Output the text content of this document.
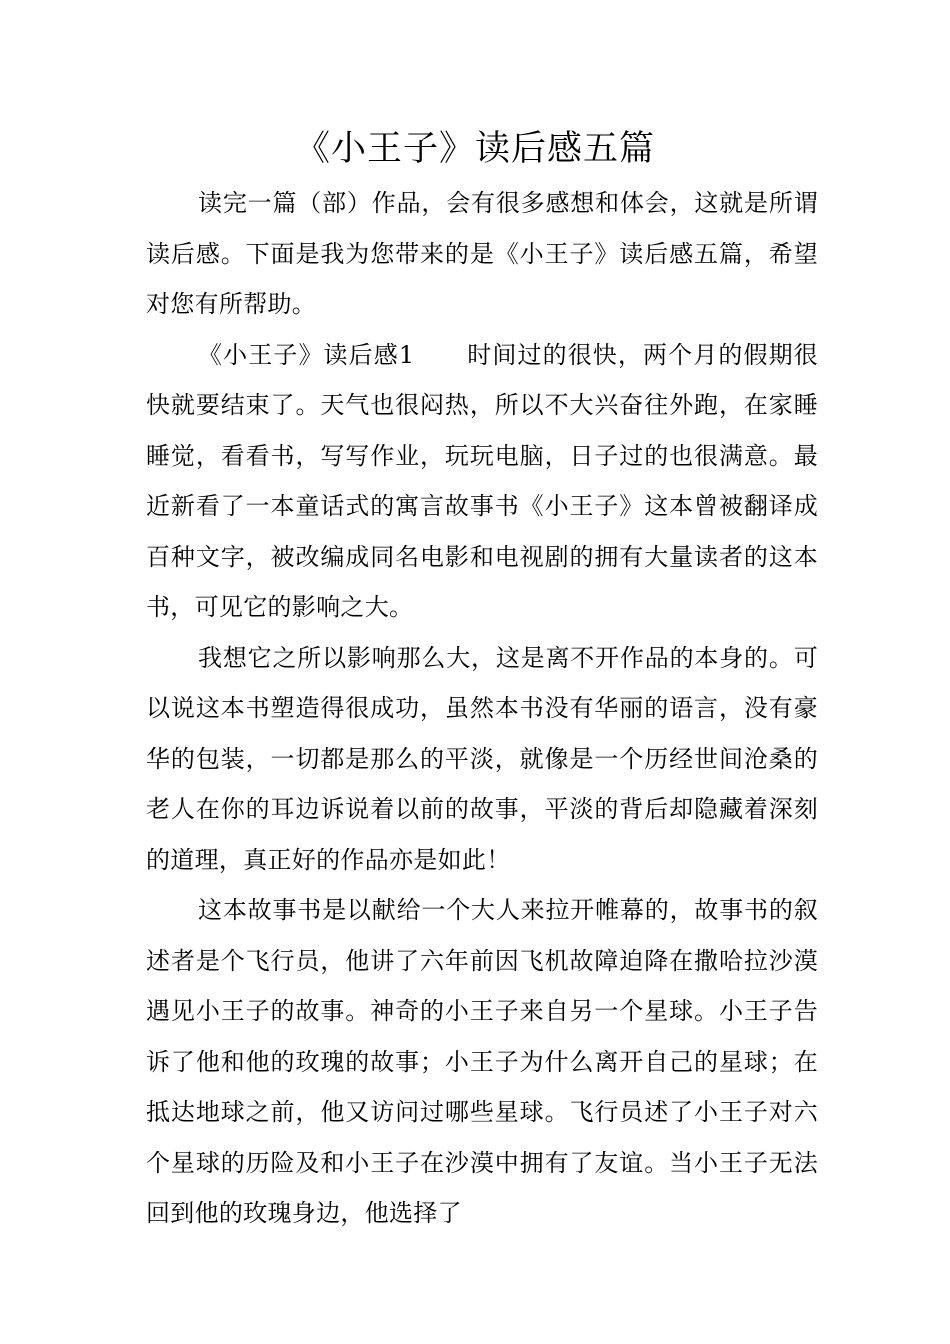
《小王子》读后感五篇

读完一篇（部）作品，会有很多感想和体会，这就是所谓读后感。下面是我为您带来的是《小王子》读后感五篇，希望对您有所帮助。

《小王子》读后感1 时间过的很快，两个月的假期很快就要结束了。天气也很闷热，所以不大兴奋往外跑，在家睡睡觉，看看书，写写作业，玩玩电脑，日子过的也很满意。最近新看了一本童话式的寓言故事书《小王子》这本曾被翻译成百种文字，被改编成同名电影和电视剧的拥有大量读者的这本书，可见它的影响之大。

我想它之所以影响那么大，这是离不开作品的本身的。可以说这本书塑造得很成功，虽然本书没有华丽的语言，没有豪华的包装，一切都是那么的平淡，就像是一个历经世间沧桑的老人在你的耳边诉说着以前的故事，平淡的背后却隐藏着深刻的道理，真正好的作品亦是如此！

这本故事书是以献给一个大人来拉开帷幕的，故事书的叙述者是个飞行员，他讲了六年前因飞机故障迫降在撒哈拉沙漠遇见小王子的故事。神奇的小王子来自另一个星球。小王子告诉了他和他的玫瑰的故事；小王子为什么离开自己的星球；在抵达地球之前，他又访问过哪些星球。飞行员述了小王子对六个星球的历险及和小王子在沙漠中拥有了友谊。当小王子无法回到他的玫瑰身边，他选择了
